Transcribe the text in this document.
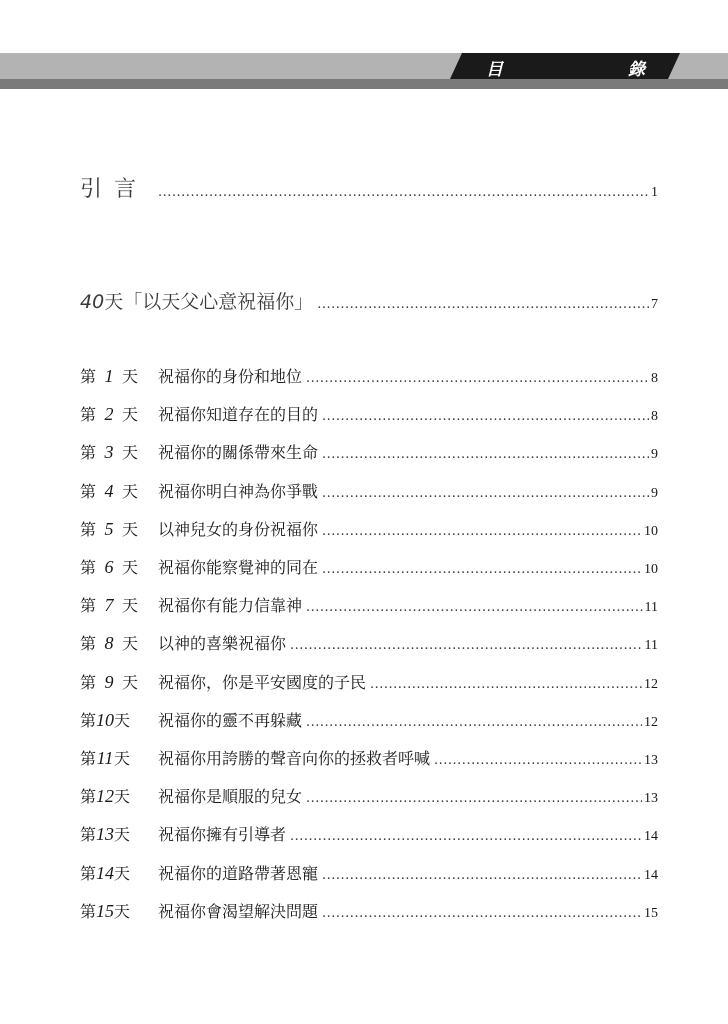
目	錄
引言 .....	1
40天「以天父心意祝福你」 .....	7
第 1 天	祝福你的身份和地位 .....	8
第 2 天	祝福你知道存在的目的 .....	8
第 3 天	祝福你的關係帶來生命 .....	9
第 4 天	祝福你明白神為你爭戰 .....	9
第 5 天	以神兒女的身份祝福你 .....	10
第 6 天	祝福你能察覺神的同在 .....	10
第 7 天	祝福你有能力信靠神 .....	11
第 8 天	以神的喜樂祝福你 .....	11
第 9 天	祝福你，你是平安國度的子民 .....	12
第10天	祝福你的靈不再躲藏 .....	12
第11天	祝福你用誇勝的聲音向你的拯救者呼喊 .....	13
第12天	祝福你是順服的兒女 .....	13
第13天	祝福你擁有引導者 .....	14
第14天	祝福你的道路帶著恩寵 .....	14
第15天	祝福你會渴望解決問題 .....	15
